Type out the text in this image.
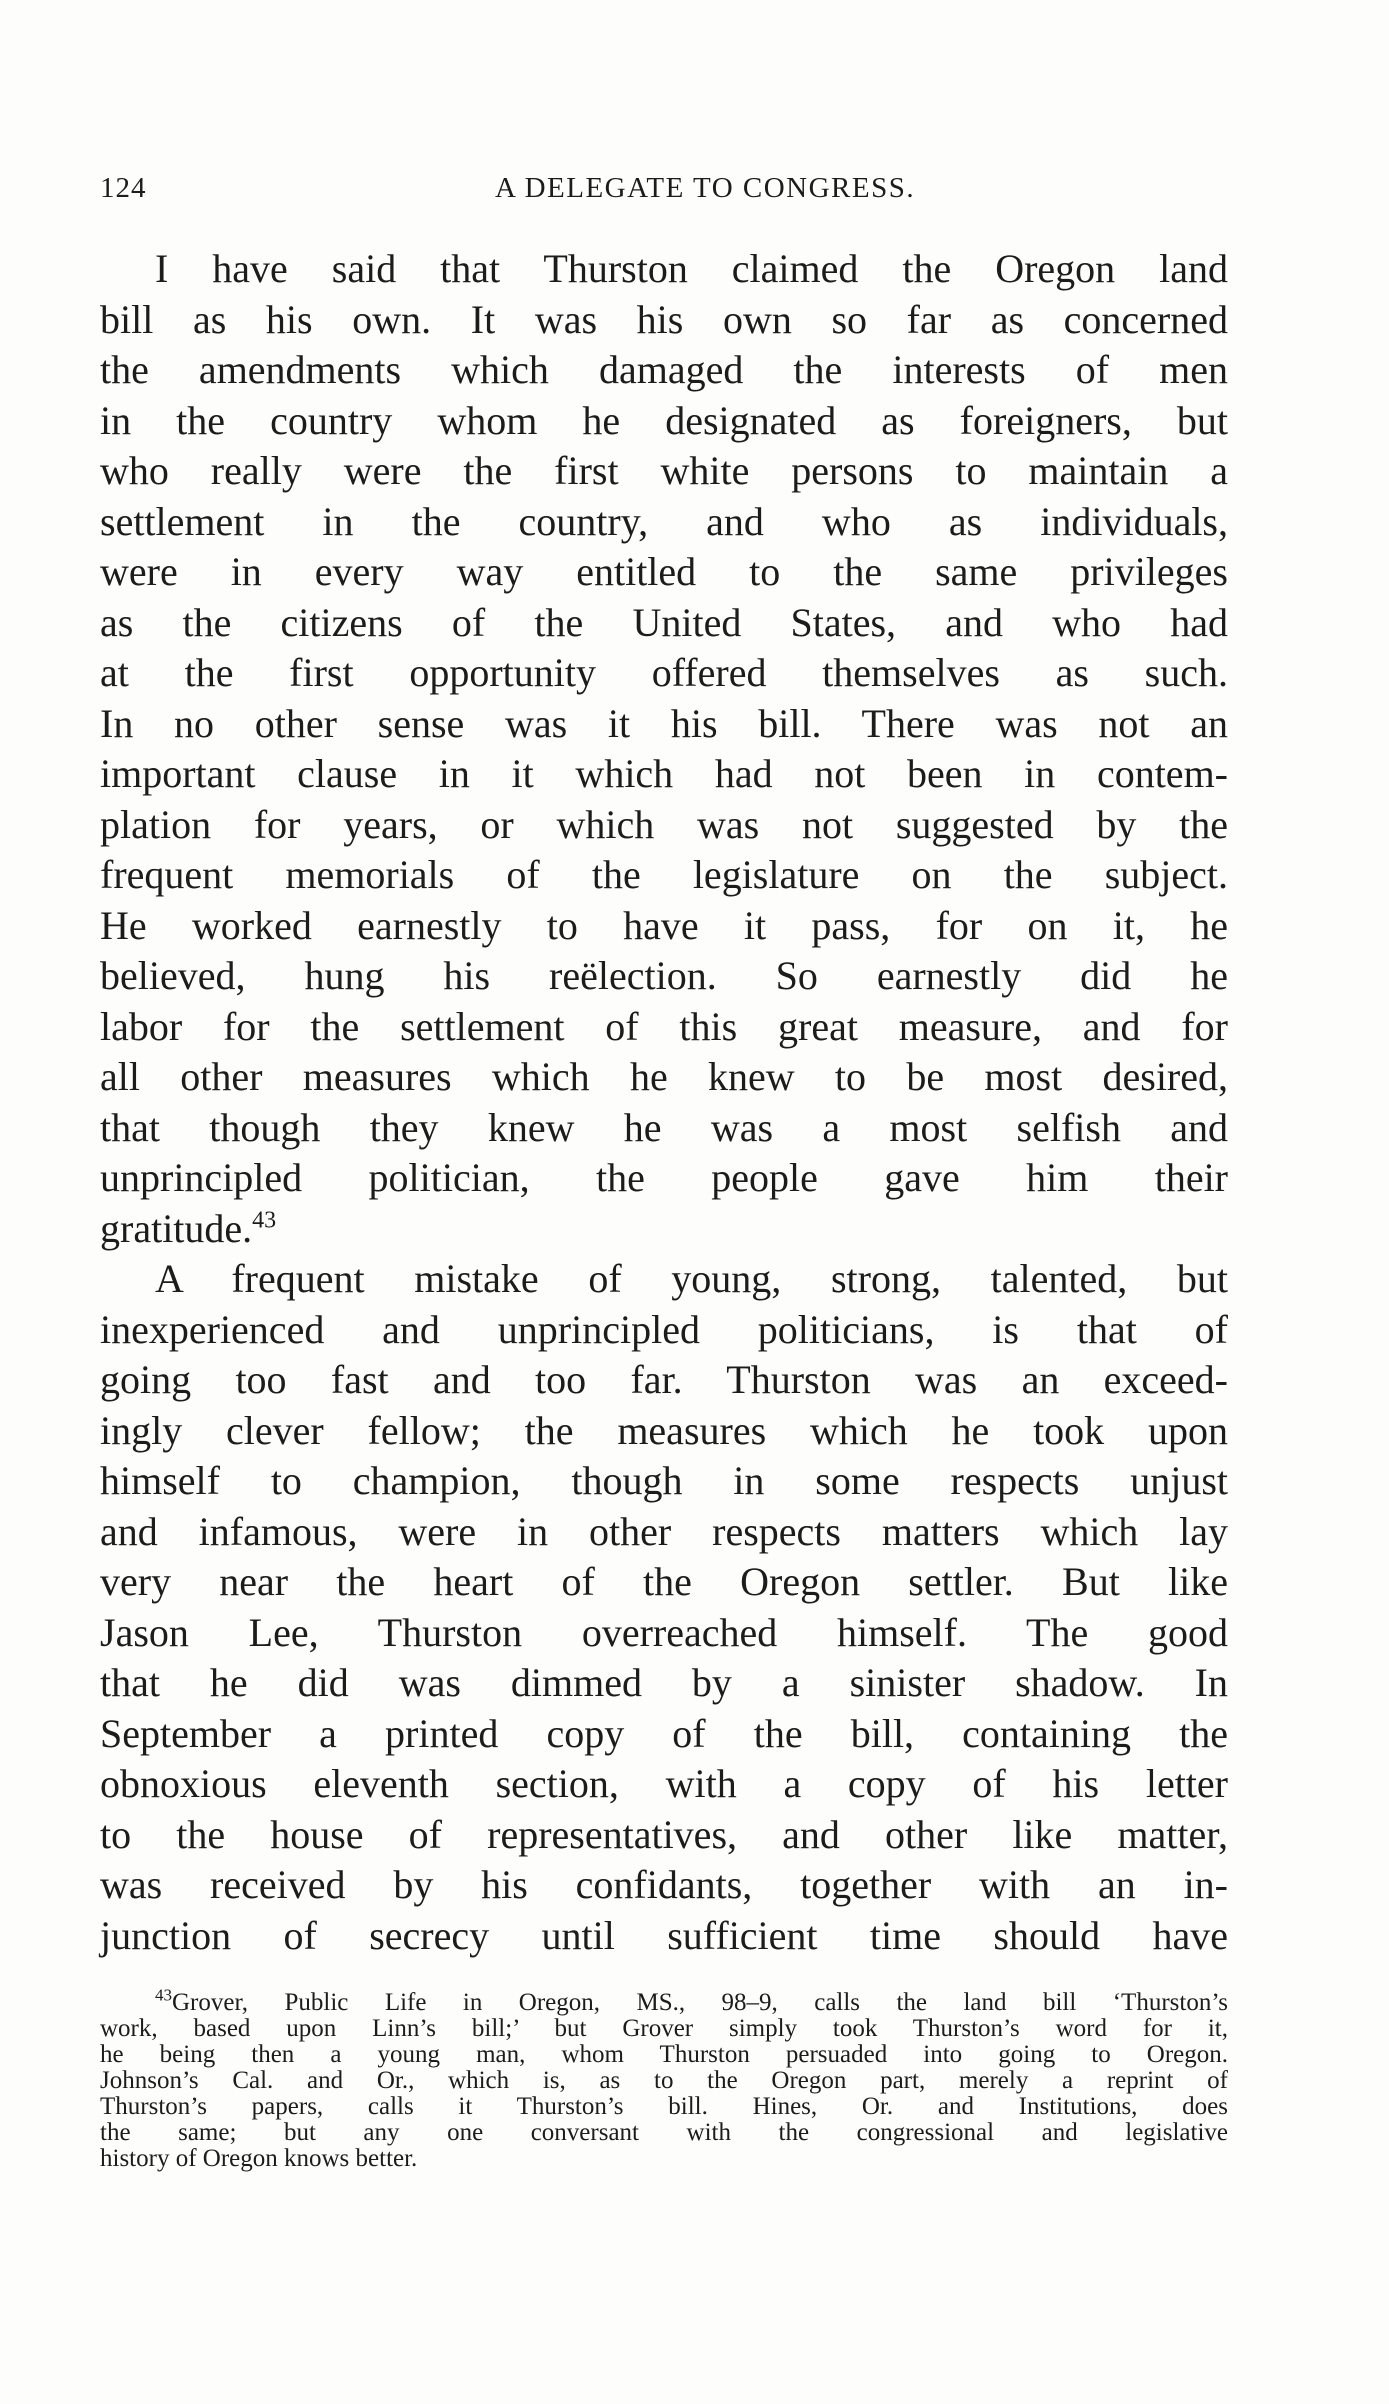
124	A DELEGATE TO CONGRESS.
I have said that Thurston claimed the Oregon land
bill as his own. It was his own so far as concerned
the amendments which damaged the interests of men
in the country whom he designated as foreigners, but
who really were the first white persons to maintain a
settlement in the country, and who as individuals,
were in every way entitled to the same privileges
as the citizens of the United States, and who had
at the first opportunity offered themselves as such.
In no other sense was it his bill. There was not an
important clause in it which had not been in contem-
plation for years, or which was not suggested by the
frequent memorials of the legislature on the subject.
He worked earnestly to have it pass, for on it, he
believed, hung his reëlection. So earnestly did he
labor for the settlement of this great measure, and for
all other measures which he knew to be most desired,
that though they knew he was a most selfish and
unprincipled politician, the people gave him their
gratitude.$^{43}$
A frequent mistake of young, strong, talented, but
inexperienced and unprincipled politicians, is that of
going too fast and too far. Thurston was an exceed-
ingly clever fellow; the measures which he took upon
himself to champion, though in some respects unjust
and infamous, were in other respects matters which lay
very near the heart of the Oregon settler. But like
Jason Lee, Thurston overreached himself. The good
that he did was dimmed by a sinister shadow. In
September a printed copy of the bill, containing the
obnoxious eleventh section, with a copy of his letter
to the house of representatives, and other like matter,
was received by his confidants, together with an in-
junction of secrecy until sufficient time should have
$^{43}$Grover, Public Life in Oregon, MS., 98–9, calls the land bill ‘Thurston’s
work, based upon Linn’s bill;’ but Grover simply took Thurston’s word for it,
he being then a young man, whom Thurston persuaded into going to Oregon.
Johnson’s Cal. and Or., which is, as to the Oregon part, merely a reprint of
Thurston’s papers, calls it Thurston’s bill. Hines, Or. and Institutions, does
the same; but any one conversant with the congressional and legislative
history of Oregon knows better.
